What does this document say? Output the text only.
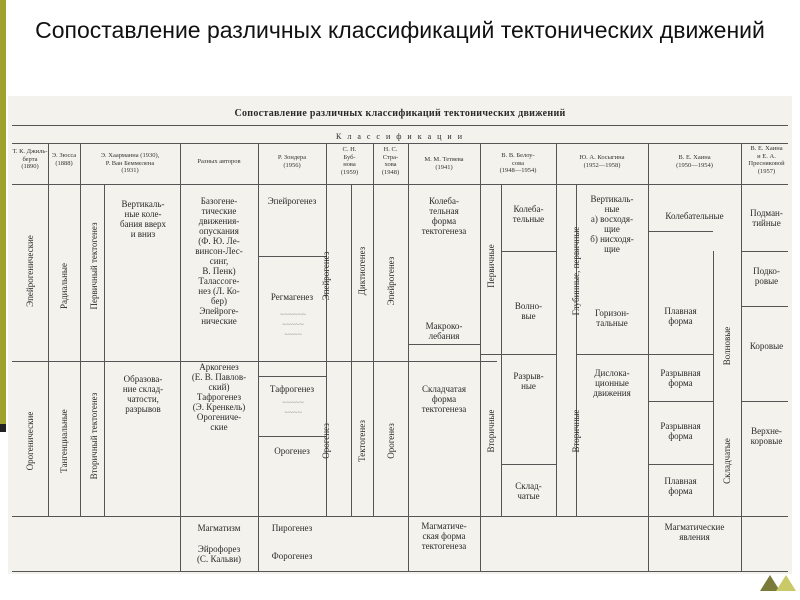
Сопоставление различных классификаций тектонических движений
Сопоставление различных классификаций тектонических движений
К л а с с и ф и к а ц и и
Т. К. Джиль-
берта
(1890)
Э. Зюсса
(1888)
Э. Хаарманна (1930),
Р. Ван Беммелена
(1931)
Разных авторов
Р. Зондера
(1956)
С. Н.
Буб-
нова
(1959)
Н. С.
Стра-
хова
(1948)
М. М. Тетяева
(1941)
В. В. Белоу-
сова
(1948—1954)
Ю. А. Косыгина
(1952—1958)
В. Е. Хаина
(1950—1954)
В. Е. Хаина
и Е. А.
Пресняковой
(1957)
Эпейрогенические
Орогенические
Радиальные
Тангенциальные
Первичный тектогенез
Вторичный тектогенез
Вертикаль-
ные коле-
бания вверх
и вниз
Образова-
ние склад-
чатости,
разрывов
Базогене-
тические
движения-
опускания
(Ф. Ю. Ле-
винсон-Лес-
синг,
В. Пенк)
Талассоге-
нез (Л. Ко-
бер)
Эпейроге-
нические
Аркогенез
(Е. В. Павлов-
ский)
Тафрогенез
(Э. Кренкель)
Орогениче-
ские
Магматизм
Эйрофорез
(С. Кальви)
Эпейрогенез
Регмагенез
~~~~~~
~~~~~
~~~~
Тафрогенез
~~~~~
~~~~
Орогенез
Пирогенез
Форогенез
Эпейрогенез
Орогенез
Диктиогенез
Тектогенез
Эпейрогенез
Орогенез
Колеба-
тельная
форма
тектогенеза
Макроко-
лебания
Складчатая
форма
тектогенеза
Магматиче-
ская форма
тектогенеза
Первичные
Вторичные
Колеба-
тельные
Волно-
вые
Разрыв-
ные
Склад-
чатые
Глубинные, первичные
Вторичные
Вертикаль-
ные
а) восходя-
щие
б) нисходя-
щие
Горизон-
тальные
Дислока-
ционные
движения
Колебательные
Плавная
форма
Разрывная
форма
Разрывная
форма
Плавная
форма
Волновые
Складчатые
Магматические
явления
Подман-
тийные
Подко-
ровые
Коровые
Верхне-
коровые
